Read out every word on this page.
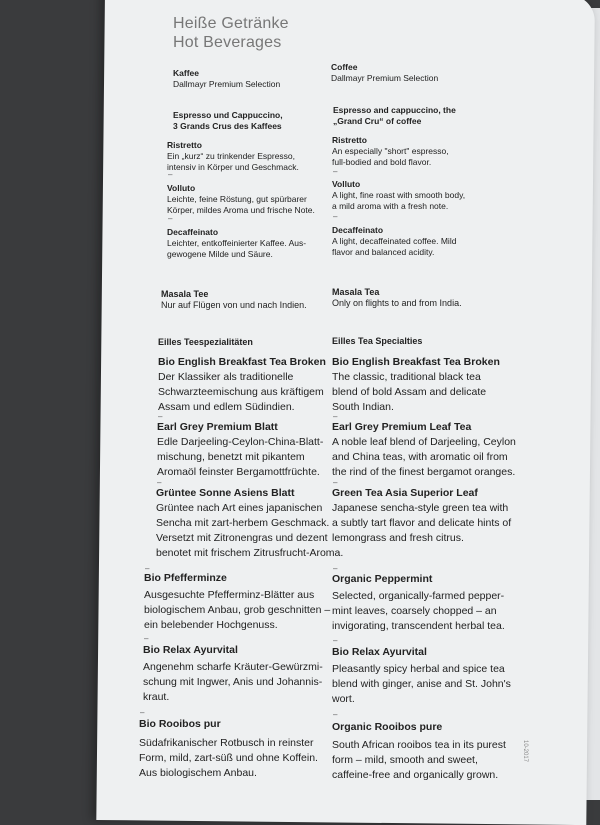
Heiße Getränke
Hot Beverages
Kaffee
Dallmayr Premium Selection
Coffee
Dallmayr Premium Selection
Espresso und Cappuccino,
3 Grands Crus des Kaffees
Espresso and cappuccino, the
„Grand Cru“ of coffee
Ristretto
Ein „kurz“ zu trinkender Espresso,
intensiv in Körper und Geschmack.
Volluto
Leichte, feine Röstung, gut spürbarer
Körper, mildes Aroma und frische Note.
Decaffeinato
Leichter, entkoffeinierter Kaffee. Aus-
gewogene Milde und Säure.
Ristretto
An especially "short" espresso,
full-bodied and bold flavor.
Volluto
A light, fine roast with smooth body,
a mild aroma with a fresh note.
Decaffeinato
A light, decaffeinated coffee. Mild
flavor and balanced acidity.
Masala Tee
Nur auf Flügen von und nach Indien.
Masala Tea
Only on flights to and from India.
Eilles Teespezialitäten	Eilles Tea Specialties
Bio English Breakfast Tea Broken
Der Klassiker als traditionelle
Schwarzteemischung aus kräftigem
Assam und edlem Südindien.
Earl Grey Premium Blatt
Edle Darjeeling-Ceylon-China-Blatt-
mischung, benetzt mit pikantem
Aromaöl feinster Bergamottfrüchte.
Grüntee Sonne Asiens Blatt
Grüntee nach Art eines japanischen
Sencha mit zart-herbem Geschmack.
Versetzt mit Zitronengras und dezent
benotet mit frischem Zitrusfrucht-Aroma.
Bio Pfefferminze
Ausgesuchte Pfefferminz-Blätter aus
biologischem Anbau, grob geschnitten –
ein belebender Hochgenuss.
Bio Relax Ayurvital
Angenehm scharfe Kräuter-Gewürzmi-
schung mit Ingwer, Anis und Johannis-
kraut.
Bio Rooibos pur
Südafrikanischer Rotbusch in reinster
Form, mild, zart-süß und ohne Koffein.
Aus biologischem Anbau.
Bio English Breakfast Tea Broken
The classic, traditional black tea
blend of bold Assam and delicate
South Indian.
Earl Grey Premium Leaf Tea
A noble leaf blend of Darjeeling, Ceylon
and China teas, with aromatic oil from
the rind of the finest bergamot oranges.
Green Tea Asia Superior Leaf
Japanese sencha-style green tea with
a subtly tart flavor and delicate hints of
lemongrass and fresh citrus.
Organic Peppermint
Selected, organically-farmed pepper-
mint leaves, coarsely chopped – an
invigorating, transcendent herbal tea.
Bio Relax Ayurvital
Pleasantly spicy herbal and spice tea
blend with ginger, anise and St. John's
wort.
Organic Rooibos pure
South African rooibos tea in its purest
form – mild, smooth and sweet,
caffeine-free and organically grown.
–
–
–
–
–
–
–
–
–
–
–
–
–
–
10-2017
